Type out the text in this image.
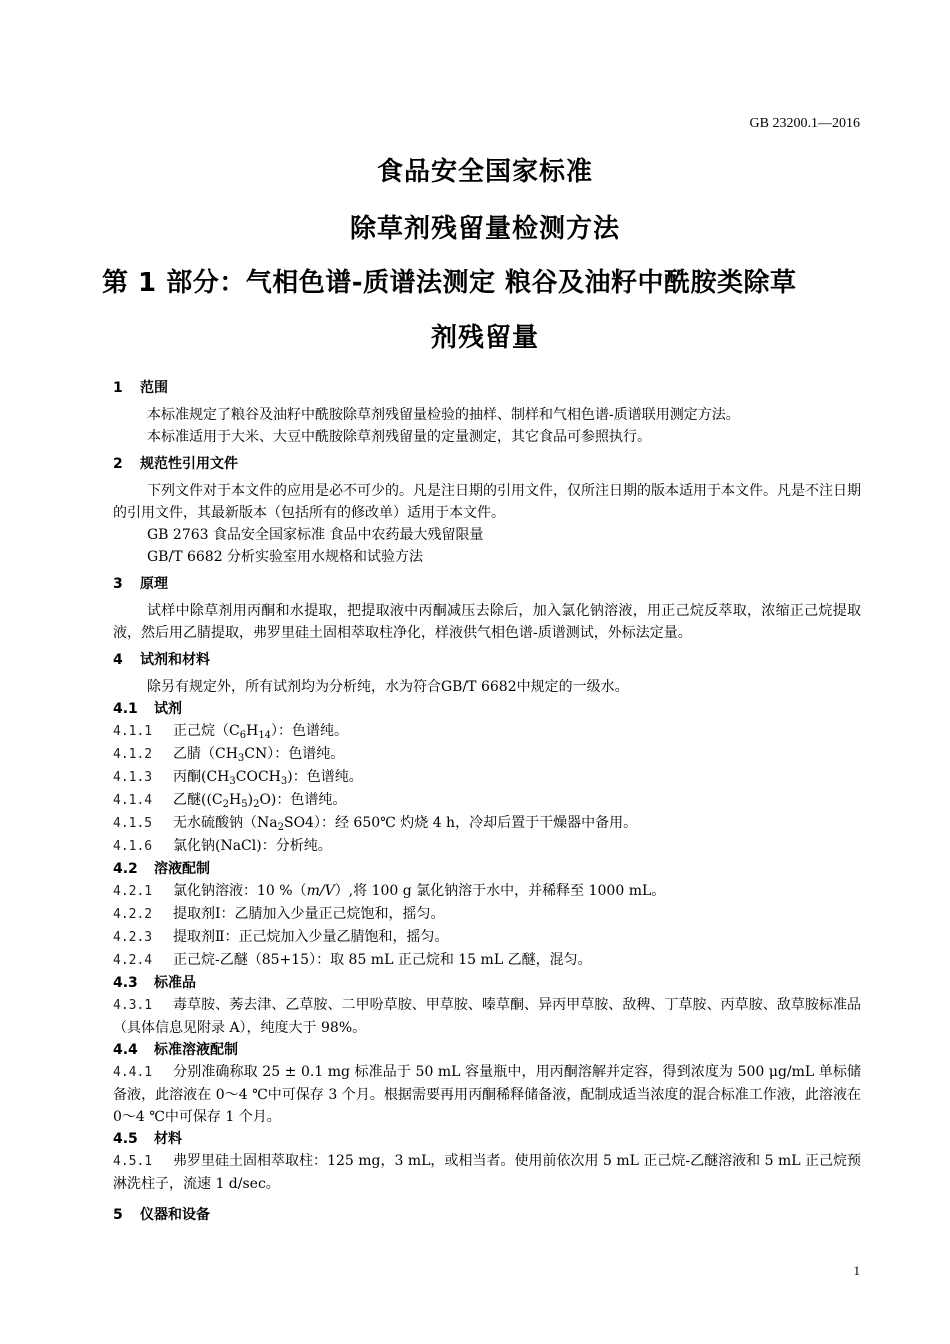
GB 23200.1—2016
食品安全国家标准
除草剂残留量检测方法
第 1 部分：气相色谱-质谱法测定 粮谷及油籽中酰胺类除草
剂残留量
1 范围
本标准规定了粮谷及油籽中酰胺除草剂残留量检验的抽样、制样和气相色谱-质谱联用测定方法。
本标准适用于大米、大豆中酰胺除草剂残留量的定量测定，其它食品可参照执行。
2 规范性引用文件
下列文件对于本文件的应用是必不可少的。凡是注日期的引用文件，仅所注日期的版本适用于本文件。凡是不注日期的引用文件，其最新版本（包括所有的修改单）适用于本文件。
GB 2763 食品安全国家标准 食品中农药最大残留限量
GB/T 6682 分析实验室用水规格和试验方法
3 原理
试样中除草剂用丙酮和水提取，把提取液中丙酮减压去除后，加入氯化钠溶液，用正己烷反萃取，浓缩正己烷提取液，然后用乙腈提取，弗罗里硅土固相萃取柱净化，样液供气相色谱-质谱测试，外标法定量。
4 试剂和材料
除另有规定外，所有试剂均为分析纯，水为符合GB/T 6682中规定的一级水。
4.1 试剂
4.1.1 正己烷$(C_6H_{14})$：色谱纯。
4.1.2 乙腈$(CH_3CN)$：色谱纯。
4.1.3 丙酮$(CH_3COCH_3)$：色谱纯。
4.1.4 乙醚$((C_2H_5)_2O)$：色谱纯。
4.1.5 无水硫酸钠$(Na_2SO4)$：经 650℃ 灼烧 4 h，冷却后置于干燥器中备用。
4.1.6 氯化钠(NaCl)：分析纯。
4.2 溶液配制
4.2.1 氯化钠溶液：10 %（m/V）,将 100 g 氯化钠溶于水中，并稀释至 1000 mL。
4.2.2 提取剂Ⅰ：乙腈加入少量正己烷饱和，摇匀。
4.2.3 提取剂Ⅱ：正己烷加入少量乙腈饱和，摇匀。
4.2.4 正己烷-乙醚（85+15）：取 85 mL 正己烷和 15 mL 乙醚，混匀。
4.3 标准品
4.3.1 毒草胺、莠去津、乙草胺、二甲吩草胺、甲草胺、嗪草酮、异丙甲草胺、敌稗、丁草胺、丙草胺、敌草胺标准品（具体信息见附录 A），纯度大于 98%。
4.4 标准溶液配制
4.4.1 分别准确称取 25 ± 0.1 mg 标准品于 50 mL 容量瓶中，用丙酮溶解并定容，得到浓度为 500 μg/mL 单标储备液，此溶液在 0～4 ℃中可保存 3 个月。根据需要再用丙酮稀释储备液，配制成适当浓度的混合标准工作液，此溶液在 0～4 ℃中可保存 1 个月。
4.5 材料
4.5.1 弗罗里硅土固相萃取柱：125 mg，3 mL，或相当者。使用前依次用 5 mL 正己烷-乙醚溶液和 5 mL 正己烷预淋洗柱子，流速 1 d/sec。
5 仪器和设备
1
